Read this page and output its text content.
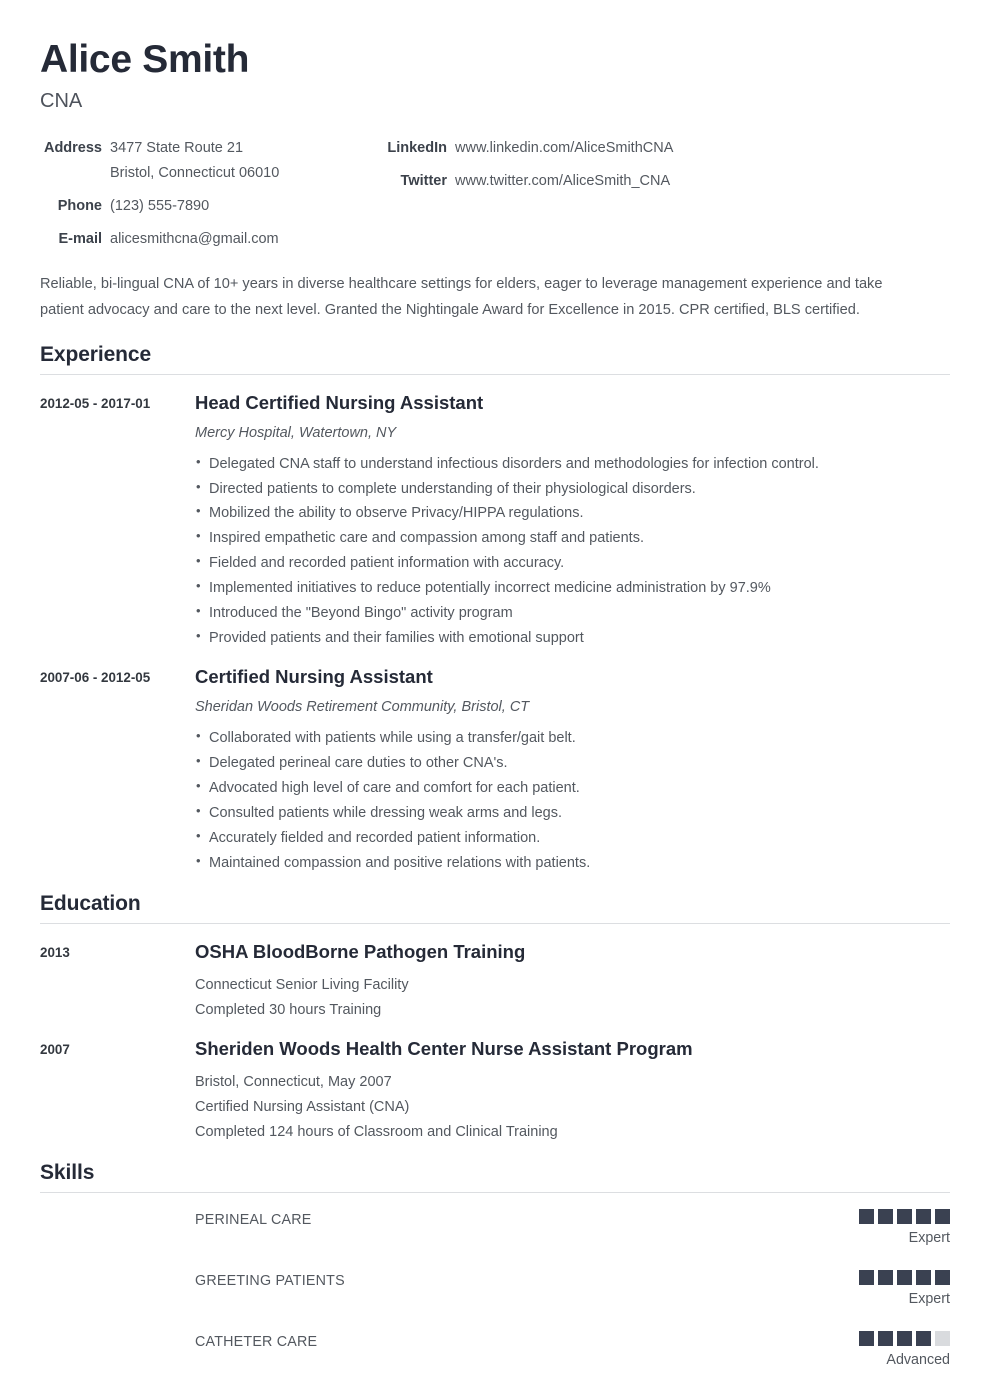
Alice Smith
CNA
Address 3477 State Route 21
Bristol, Connecticut 06010
Phone (123) 555-7890
E-mail alicesmithcna@gmail.com
LinkedIn www.linkedin.com/AliceSmithCNA
Twitter www.twitter.com/AliceSmith_CNA

Reliable, bi-lingual CNA of 10+ years in diverse healthcare settings for elders, eager to leverage management experience and take patient advocacy and care to the next level. Granted the Nightingale Award for Excellence in 2015. CPR certified, BLS certified.

Experience
2012-05 - 2017-01	Head Certified Nursing Assistant
Mercy Hospital, Watertown, NY
• Delegated CNA staff to understand infectious disorders and methodologies for infection control.
• Directed patients to complete understanding of their physiological disorders.
• Mobilized the ability to observe Privacy/HIPPA regulations.
• Inspired empathetic care and compassion among staff and patients.
• Fielded and recorded patient information with accuracy.
• Implemented initiatives to reduce potentially incorrect medicine administration by 97.9%
• Introduced the "Beyond Bingo" activity program
• Provided patients and their families with emotional support
2007-06 - 2012-05	Certified Nursing Assistant
Sheridan Woods Retirement Community, Bristol, CT
• Collaborated with patients while using a transfer/gait belt.
• Delegated perineal care duties to other CNA's.
• Advocated high level of care and comfort for each patient.
• Consulted patients while dressing weak arms and legs.
• Accurately fielded and recorded patient information.
• Maintained compassion and positive relations with patients.
Education
2013	OSHA BloodBorne Pathogen Training
Connecticut Senior Living Facility
Completed 30 hours Training
2007	Sheriden Woods Health Center Nurse Assistant Program
Bristol, Connecticut, May 2007
Certified Nursing Assistant (CNA)
Completed 124 hours of Classroom and Clinical Training
Skills
PERINEAL CARE
Expert
GREETING PATIENTS
Expert
CATHETER CARE
Advanced
